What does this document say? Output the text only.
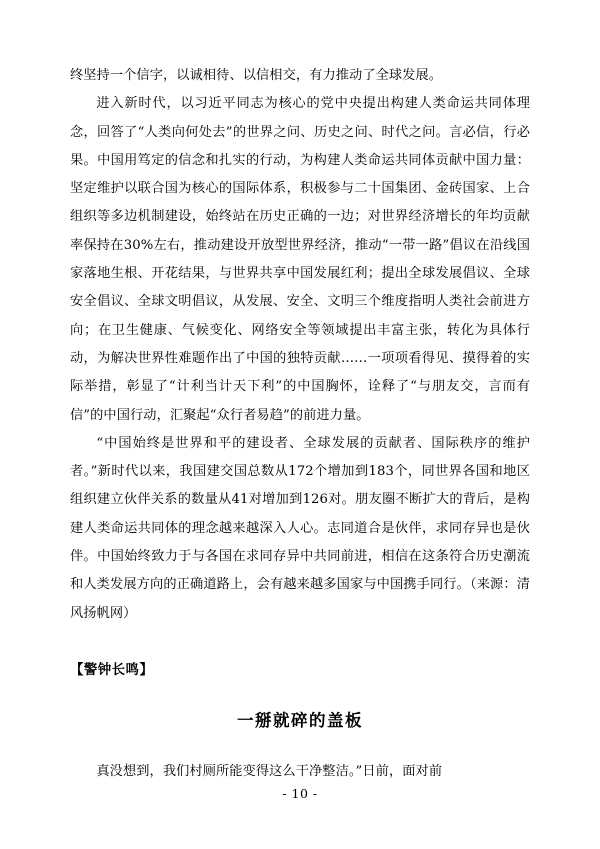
终坚持一个信字，以诚相待、以信相交，有力推动了全球发展。

进入新时代，以习近平同志为核心的党中央提出构建人类命运共同体理念，回答了“人类向何处去”的世界之问、历史之问、时代之问。言必信，行必果。中国用笃定的信念和扎实的行动，为构建人类命运共同体贡献中国力量：坚定维护以联合国为核心的国际体系，积极参与二十国集团、金砖国家、上合组织等多边机制建设，始终站在历史正确的一边；对世界经济增长的年均贡献率保持在30%左右，推动建设开放型世界经济，推动“一带一路”倡议在沿线国家落地生根、开花结果，与世界共享中国发展红利；提出全球发展倡议、全球安全倡议、全球文明倡议，从发展、安全、文明三个维度指明人类社会前进方向；在卫生健康、气候变化、网络安全等领域提出丰富主张，转化为具体行动，为解决世界性难题作出了中国的独特贡献……一项项看得见、摸得着的实际举措，彰显了“计利当计天下利”的中国胸怀，诠释了“与朋友交，言而有信”的中国行动，汇聚起“众行者易趋”的前进力量。

“中国始终是世界和平的建设者、全球发展的贡献者、国际秩序的维护者。”新时代以来，我国建交国总数从172个增加到183个，同世界各国和地区组织建立伙伴关系的数量从41对增加到126对。朋友圈不断扩大的背后，是构建人类命运共同体的理念越来越深入人心。志同道合是伙伴，求同存异也是伙伴。中国始终致力于与各国在求同存异中共同前进，相信在这条符合历史潮流和人类发展方向的正确道路上，会有越来越多国家与中国携手同行。（来源：清风扬帆网）

【警钟长鸣】
一掰就碎的盖板

真没想到，我们村厕所能变得这么干净整洁。”日前，面对前

- 10 -
